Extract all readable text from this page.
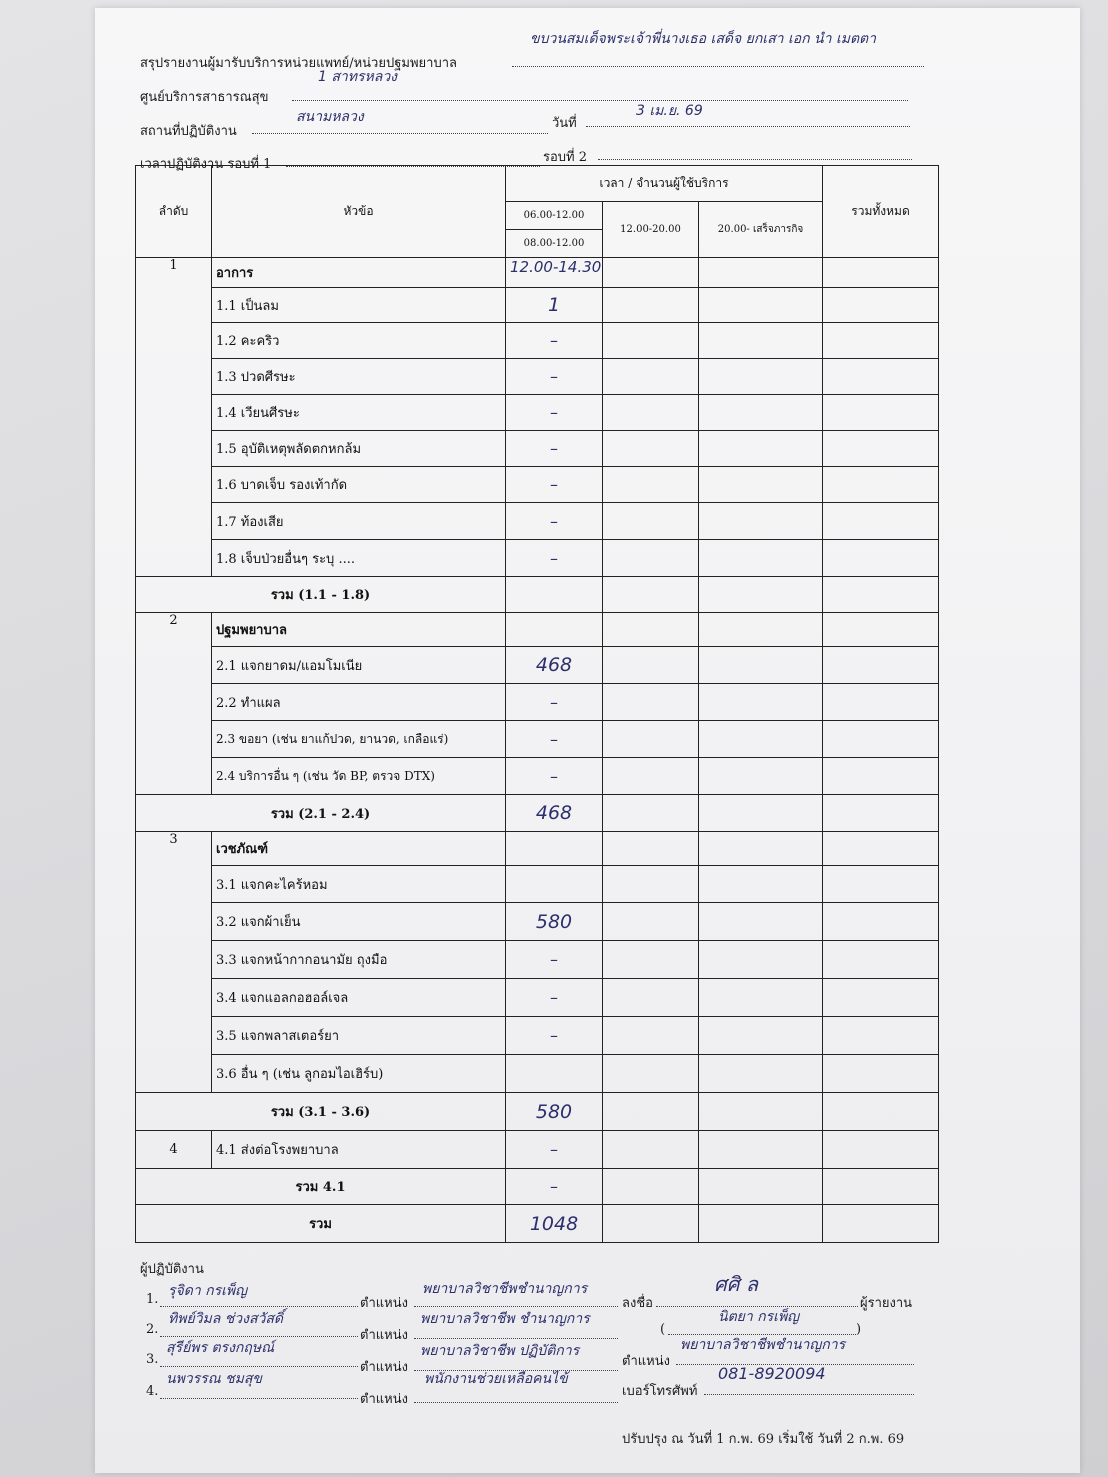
สรุปรายงานผู้มารับบริการหน่วยแพทย์/หน่วยปฐมพยาบาล
ขบวนสมเด็จพระเจ้าพี่นางเธอ เสด็จ ยกเสา เอก นำ เมตตา
ศูนย์บริการสาธารณสุข
1 สาทรหลวง
สถานที่ปฏิบัติงาน
สนามหลวง	วันที่
3 เม.ย. 69
เวลาปฏิบัติงาน รอบที่ 1	รอบที่ 2
ลำดับ	หัวข้อ	เวลา / จำนวนผู้ใช้บริการ			รวมทั้งหมด
		06.00-12.00	12.00-20.00	20.00- เสร็จภารกิจ	
		08.00-12.00			
1	อาการ	12.00-14.30			
	1.1 เป็นลม	1			
	1.2 คะคริว	–			
	1.3 ปวดศีรษะ	–			
	1.4 เวียนศีรษะ	–			
	1.5 อุบัติเหตุพลัดตกหกล้ม	–			
	1.6 บาดเจ็บ รองเท้ากัด	–			
	1.7 ท้องเสีย	–			
	1.8 เจ็บป่วยอื่นๆ ระบุ ....	–			
รวม (1.1 - 1.8)					
2	ปฐมพยาบาล				
	2.1 แจกยาดม/แอมโมเนีย	468			
	2.2 ทำแผล	–			
	2.3 ขอยา (เช่น ยาแก้ปวด, ยานวด, เกลือแร่)	–			
	2.4 บริการอื่น ๆ (เช่น วัด BP, ตรวจ DTX)	–			
รวม (2.1 - 2.4)		468			
3	เวชภัณฑ์				
	3.1 แจกคะไคร้หอม				
	3.2 แจกผ้าเย็น	580			
	3.3 แจกหน้ากากอนามัย ถุงมือ	–			
	3.4 แจกแอลกอฮอล์เจล	–			
	3.5 แจกพลาสเตอร์ยา	–			
	3.6 อื่น ๆ (เช่น ลูกอมไอเฮิร์บ)				
รวม (3.1 - 3.6)		580			
4	4.1 ส่งต่อโรงพยาบาล	–			
รวม 4.1		–			
รวม		1048			
ผู้ปฏิบัติงาน
1.
รุจิดา กรเพ็ญ
ตำแหน่ง
พยาบาลวิชาชีพชำนาญการ
2.
ทิพย์วิมล ช่วงสวัสดิ์
ตำแหน่ง
พยาบาลวิชาชีพ ชำนาญการ
3.
สุรีย์พร ตรงกฤษณ์
ตำแหน่ง
พยาบาลวิชาชีพ ปฏิบัติการ
4.
นพวรรณ ชมสุข
ตำแหน่ง
พนักงานช่วยเหลือคนไข้
ลงชื่อ
ศศิ ล
ผู้รายงาน
(
นิตยา กรเพ็ญ
)
ตำแหน่ง
พยาบาลวิชาชีพชำนาญการ
เบอร์โทรศัพท์
081-8920094
ปรับปรุง ณ วันที่ 1 ก.พ. 69 เริ่มใช้ วันที่ 2 ก.พ. 69
